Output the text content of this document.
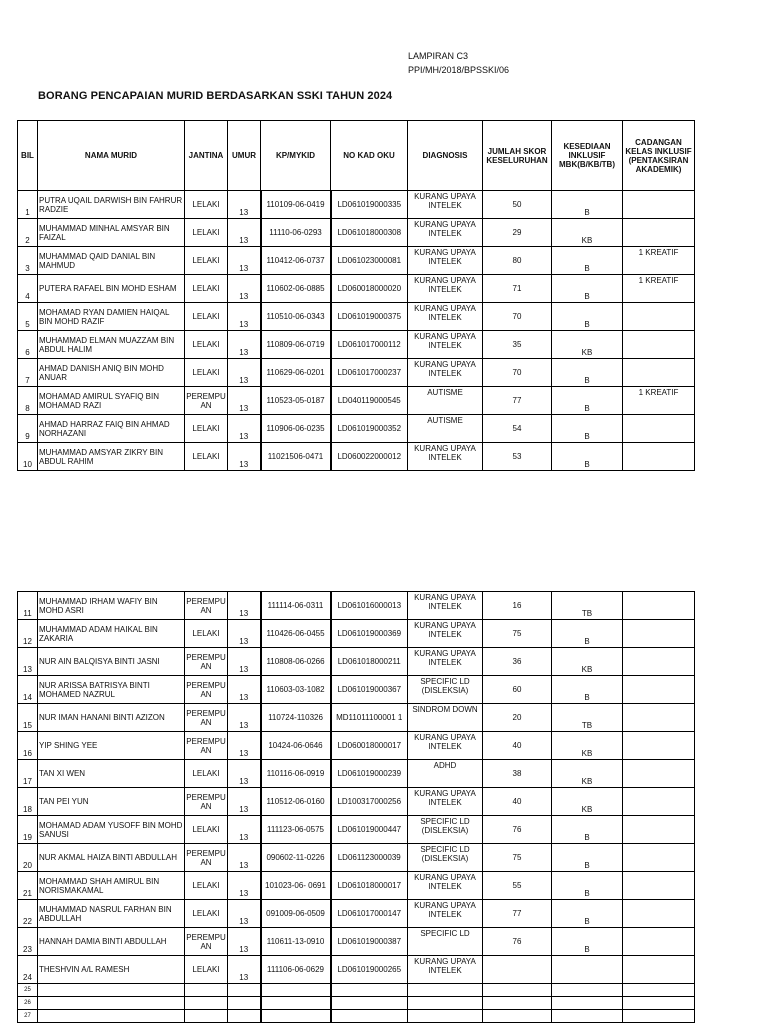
LAMPIRAN C3
PPI/MH/2018/BPSSKI/06
BORANG PENCAPAIAN MURID BERDASARKAN SSKI TAHUN 2024
BIL	NAMA MURID	JANTINA	UMUR	KP/MYKID	NO KAD OKU	DIAGNOSIS	JUMLAH SKOR KESELURUHAN	KESEDIAAN INKLUSIF MBK(B/KB/TB)	CADANGAN KELAS INKLUSIF (PENTAKSIRAN AKADEMIK)
1	PUTRA UQAIL DARWISH BIN FAHRUR RADZIE	LELAKI	13	110109-06-0419	LD061019000335	KURANG UPAYA INTELEK	50	B	
2	MUHAMMAD MINHAL AMSYAR BIN FAIZAL	LELAKI	13	11110-06-0293	LD061018000308	KURANG UPAYA INTELEK	29	KB	
3	MUHAMMAD QAID DANIAL BIN MAHMUD	LELAKI	13	110412-06-0737	LD061023000081	KURANG UPAYA INTELEK	80	B	1 KREATIF
4	PUTERA RAFAEL BIN MOHD ESHAM	LELAKI	13	110602-06-0885	LD060018000020	KURANG UPAYA INTELEK	71	B	1 KREATIF
5	MOHAMAD RYAN DAMIEN HAIQAL BIN MOHD RAZIF	LELAKI	13	110510-06-0343	LD061019000375	KURANG UPAYA INTELEK	70	B	
6	MUHAMMAD ELMAN MUAZZAM BIN ABDUL HALIM	LELAKI	13	110809-06-0719	LD061017000112	KURANG UPAYA INTELEK	35	KB	
7	AHMAD DANISH ANIQ BIN MOHD ANUAR	LELAKI	13	110629-06-0201	LD061017000237	KURANG UPAYA INTELEK	70	B	
8	MOHAMAD AMIRUL SYAFIQ BIN MOHAMAD RAZI	PEREMPU AN	13	110523-05-0187	LD040119000545	AUTISME	77	B	1 KREATIF
9	AHMAD HARRAZ FAIQ BIN AHMAD NORHAZANI	LELAKI	13	110906-06-0235	LD061019000352	AUTISME	54	B	
10	MUHAMMAD AMSYAR ZIKRY BIN ABDUL RAHIM	LELAKI	13	11021506-0471	LD060022000012	KURANG UPAYA INTELEK	53	B	
11	MUHAMMAD IRHAM WAFIY BIN MOHD ASRI	PEREMPU AN	13	111114-06-0311	LD061016000013	KURANG UPAYA INTELEK	16	TB	
12	MUHAMMAD ADAM HAIKAL BIN ZAKARIA	LELAKI	13	110426-06-0455	LD061019000369	KURANG UPAYA INTELEK	75	B	
13	NUR AIN BALQISYA BINTI JASNI	PEREMPU AN	13	110808-06-0266	LD061018000211	KURANG UPAYA INTELEK	36	KB	
14	NUR ARISSA BATRISYA BINTI MOHAMED NAZRUL	PEREMPU AN	13	110603-03-1082	LD061019000367	SPECIFIC LD (DISLEKSIA)	60	B	
15	NUR IMAN HANANI BINTI AZIZON	PEREMPU AN	13	110724-110326	MD11011100001 1	SINDROM DOWN	20	TB	
16	YIP SHING YEE	PEREMPU AN	13	10424-06-0646	LD060018000017	KURANG UPAYA INTELEK	40	KB	
17	TAN XI WEN	LELAKI	13	110116-06-0919	LD061019000239	ADHD	38	KB	
18	TAN PEI YUN	PEREMPU AN	13	110512-06-0160	LD100317000256	KURANG UPAYA INTELEK	40	KB	
19	MOHAMAD ADAM YUSOFF BIN MOHD SANUSI	LELAKI	13	111123-06-0575	LD061019000447	SPECIFIC LD (DISLEKSIA)	76	B	
20	NUR AKMAL HAIZA BINTI ABDULLAH	PEREMPU AN	13	090602-11-0226	LD061123000039	SPECIFIC LD (DISLEKSIA)	75	B	
21	MOHAMMAD SHAH AMIRUL BIN NORISMAKAMAL	LELAKI	13	101023-06- 0691	LD061018000017	KURANG UPAYA INTELEK	55	B	
22	MUHAMMAD NASRUL FARHAN BIN ABDULLAH	LELAKI	13	091009-06-0509	LD061017000147	KURANG UPAYA INTELEK	77	B	
23	HANNAH DAMIA BINTI ABDULLAH	PEREMPU AN	13	110611-13-0910	LD061019000387	SPECIFIC LD	76	B	
24	THESHVIN A/L RAMESH	LELAKI	13	111106-06-0629	LD061019000265	KURANG UPAYA INTELEK			
25									
26									
27									
